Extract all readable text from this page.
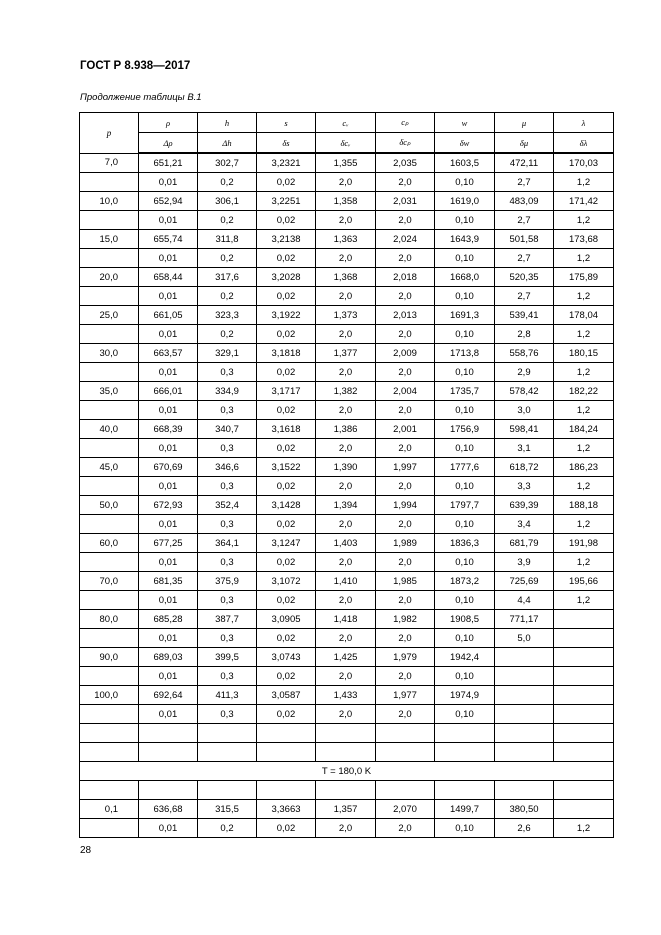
ГОСТ Р 8.938—2017
Продолжение таблицы В.1
p	ρ	h	s	cᵥ	cₚ	w	μ	λ
	Δρ	Δh	δs	δcᵥ	δcₚ	δw	δμ	δλ
7,0	651,21	302,7	3,2321	1,355	2,035	1603,5	472,11	170,03
	0,01	0,2	0,02	2,0	2,0	0,10	2,7	1,2
10,0	652,94	306,1	3,2251	1,358	2,031	1619,0	483,09	171,42
	0,01	0,2	0,02	2,0	2,0	0,10	2,7	1,2
15,0	655,74	311,8	3,2138	1,363	2,024	1643,9	501,58	173,68
	0,01	0,2	0,02	2,0	2,0	0,10	2,7	1,2
20,0	658,44	317,6	3,2028	1,368	2,018	1668,0	520,35	175,89
	0,01	0,2	0,02	2,0	2,0	0,10	2,7	1,2
25,0	661,05	323,3	3,1922	1,373	2,013	1691,3	539,41	178,04
	0,01	0,2	0,02	2,0	2,0	0,10	2,8	1,2
30,0	663,57	329,1	3,1818	1,377	2,009	1713,8	558,76	180,15
	0,01	0,3	0,02	2,0	2,0	0,10	2,9	1,2
35,0	666,01	334,9	3,1717	1,382	2,004	1735,7	578,42	182,22
	0,01	0,3	0,02	2,0	2,0	0,10	3,0	1,2
40,0	668,39	340,7	3,1618	1,386	2,001	1756,9	598,41	184,24
	0,01	0,3	0,02	2,0	2,0	0,10	3,1	1,2
45,0	670,69	346,6	3,1522	1,390	1,997	1777,6	618,72	186,23
	0,01	0,3	0,02	2,0	2,0	0,10	3,3	1,2
50,0	672,93	352,4	3,1428	1,394	1,994	1797,7	639,39	188,18
	0,01	0,3	0,02	2,0	2,0	0,10	3,4	1,2
60,0	677,25	364,1	3,1247	1,403	1,989	1836,3	681,79	191,98
	0,01	0,3	0,02	2,0	2,0	0,10	3,9	1,2
70,0	681,35	375,9	3,1072	1,410	1,985	1873,2	725,69	195,66
	0,01	0,3	0,02	2,0	2,0	0,10	4,4	1,2
80,0	685,28	387,7	3,0905	1,418	1,982	1908,5	771,17	
	0,01	0,3	0,02	2,0	2,0	0,10	5,0	
90,0	689,03	399,5	3,0743	1,425	1,979	1942,4		
	0,01	0,3	0,02	2,0	2,0	0,10		
100,0	692,64	411,3	3,0587	1,433	1,977	1974,9		
	0,01	0,3	0,02	2,0	2,0	0,10		

T = 180,0 K								

0,1	636,68	315,5	3,3663	1,357	2,070	1499,7	380,50	
	0,01	0,2	0,02	2,0	2,0	0,10	2,6	1,2
28
